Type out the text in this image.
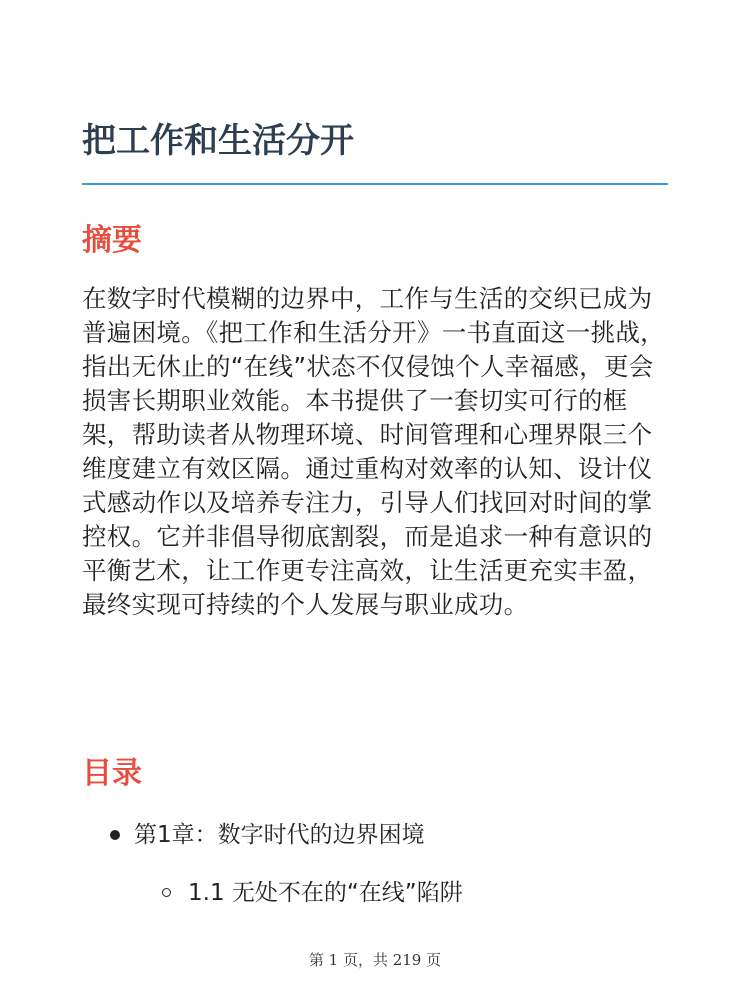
把工作和生活分开
摘要

在数字时代模糊的边界中，工作与生活的交织已成为普遍困境。《把工作和生活分开》一书直面这一挑战，指出无休止的“在线”状态不仅侵蚀个人幸福感，更会损害长期职业效能。本书提供了一套切实可行的框架，帮助读者从物理环境、时间管理和心理界限三个维度建立有效区隔。通过重构对效率的认知、设计仪式感动作以及培养专注力，引导人们找回对时间的掌控权。它并非倡导彻底割裂，而是追求一种有意识的平衡艺术，让工作更专注高效，让生活更充实丰盈，最终实现可持续的个人发展与职业成功。

目录
第1章：数字时代的边界困境
1.1 无处不在的“在线”陷阱
第 1 页，共 219 页
